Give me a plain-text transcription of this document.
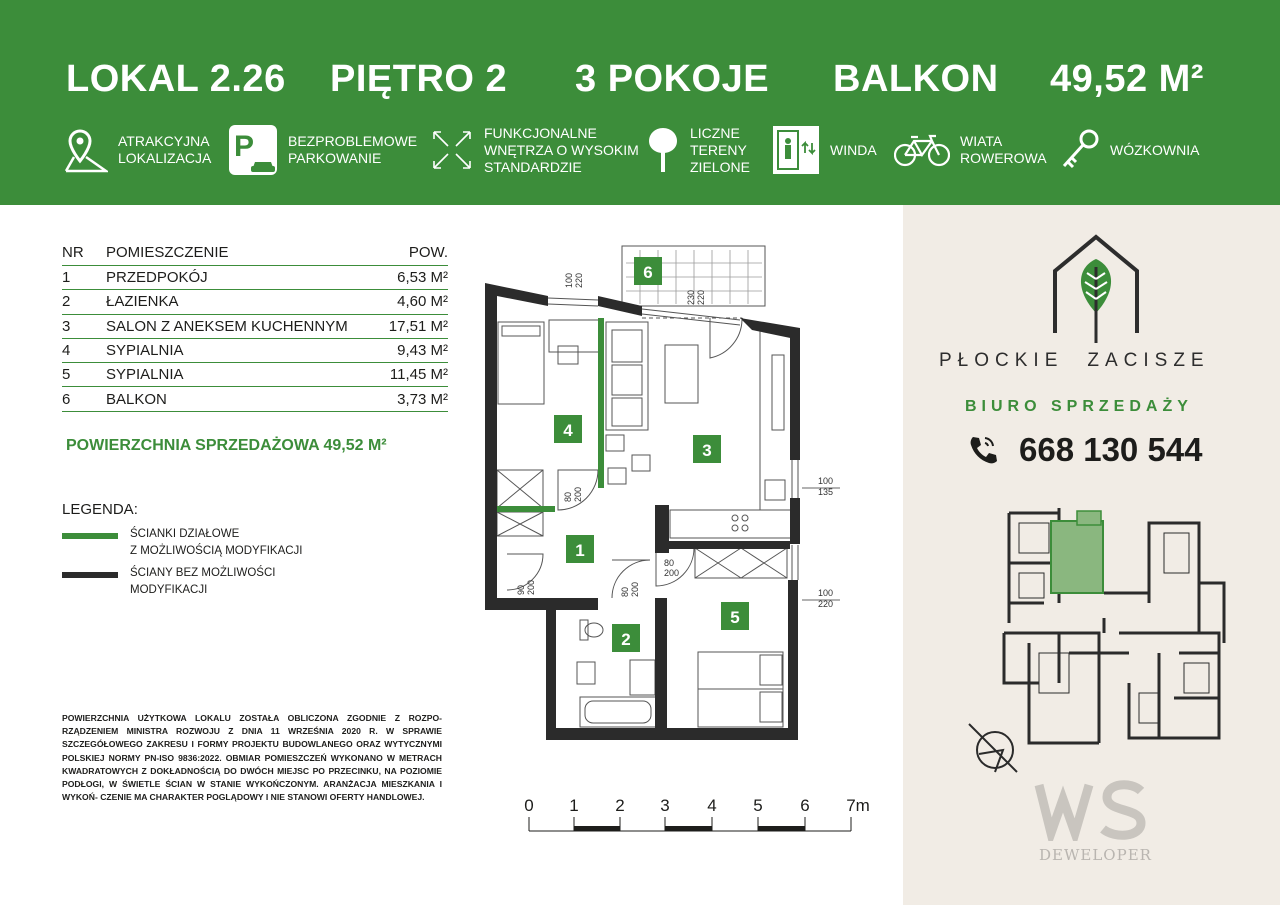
LOKAL 2.26 PIĘTRO 2 3 POKOJE BALKON 49,52 M²
ATRAKCYJNA
LOKALIZACJA P BEZPROBLEMOWE
PARKOWANIE
FUNKCJONALNE
WNĘTRZA O WYSOKIM
STANDARDZIE
LICZNE
TERENY
ZIELONE
WINDA
WIATA
ROWEROWA
WÓZKOWNIA
NR	POMIESZCZENIE	POW.
1	PRZEDPOKÓJ	6,53 M²
2	ŁAZIENKA	4,60 M²
3	SALON Z ANEKSEM KUCHENNYM	17,51 M²
4	SYPIALNIA	9,43 M²
5	SYPIALNIA	11,45 M²
6	BALKON	3,73 M²
POWIERZCHNIA SPRZEDAŻOWA 49,52 M²
LEGENDA:
ŚCIANKI DZIAŁOWE
Z MOŻLIWOŚCIĄ MODYFIKACJI
ŚCIANY BEZ MOŻLIWOŚCI
MODYFIKACJI
POWIERZCHNIA UŻYTKOWA LOKALU ZOSTAŁA OBLICZONA ZGODNIE Z ROZPO- RZĄDZENIEM MINISTRA ROZWOJU Z DNIA 11 WRZEŚNIA 2020 R. W SPRAWIE SZCZEGÓŁOWEGO ZAKRESU I FORMY PROJEKTU BUDOWLANEGO ORAZ WYTYCZNYMI POLSKIEJ NORMY PN-ISO 9836:2022. OBMIAR POMIESZCZEŃ WYKONANO W METRACH KWADRATOWYCH Z DOKŁADNOŚCIĄ DO DWÓCH MIEJSC PO PRZECINKU, NA POZIOMIE PODŁOGI, W ŚWIETLE ŚCIAN W STANIE WYKOŃCZONYM. ARANŻACJA MIESZKANIA I WYKOŃ- CZENIE MA CHARAKTER POGLĄDOWY I NIE STANOWI OFERTY HANDLOWEJ.
6
4
3
1
2
5
100 220
230 220
80 200
90 200	80 200
80
200
100
135
100
220
0 1 2 3 4 5 6 7m
PŁOCKIE ZACISZE
BIURO SPRZEDAŻY
668 130 544
DEWELOPER
